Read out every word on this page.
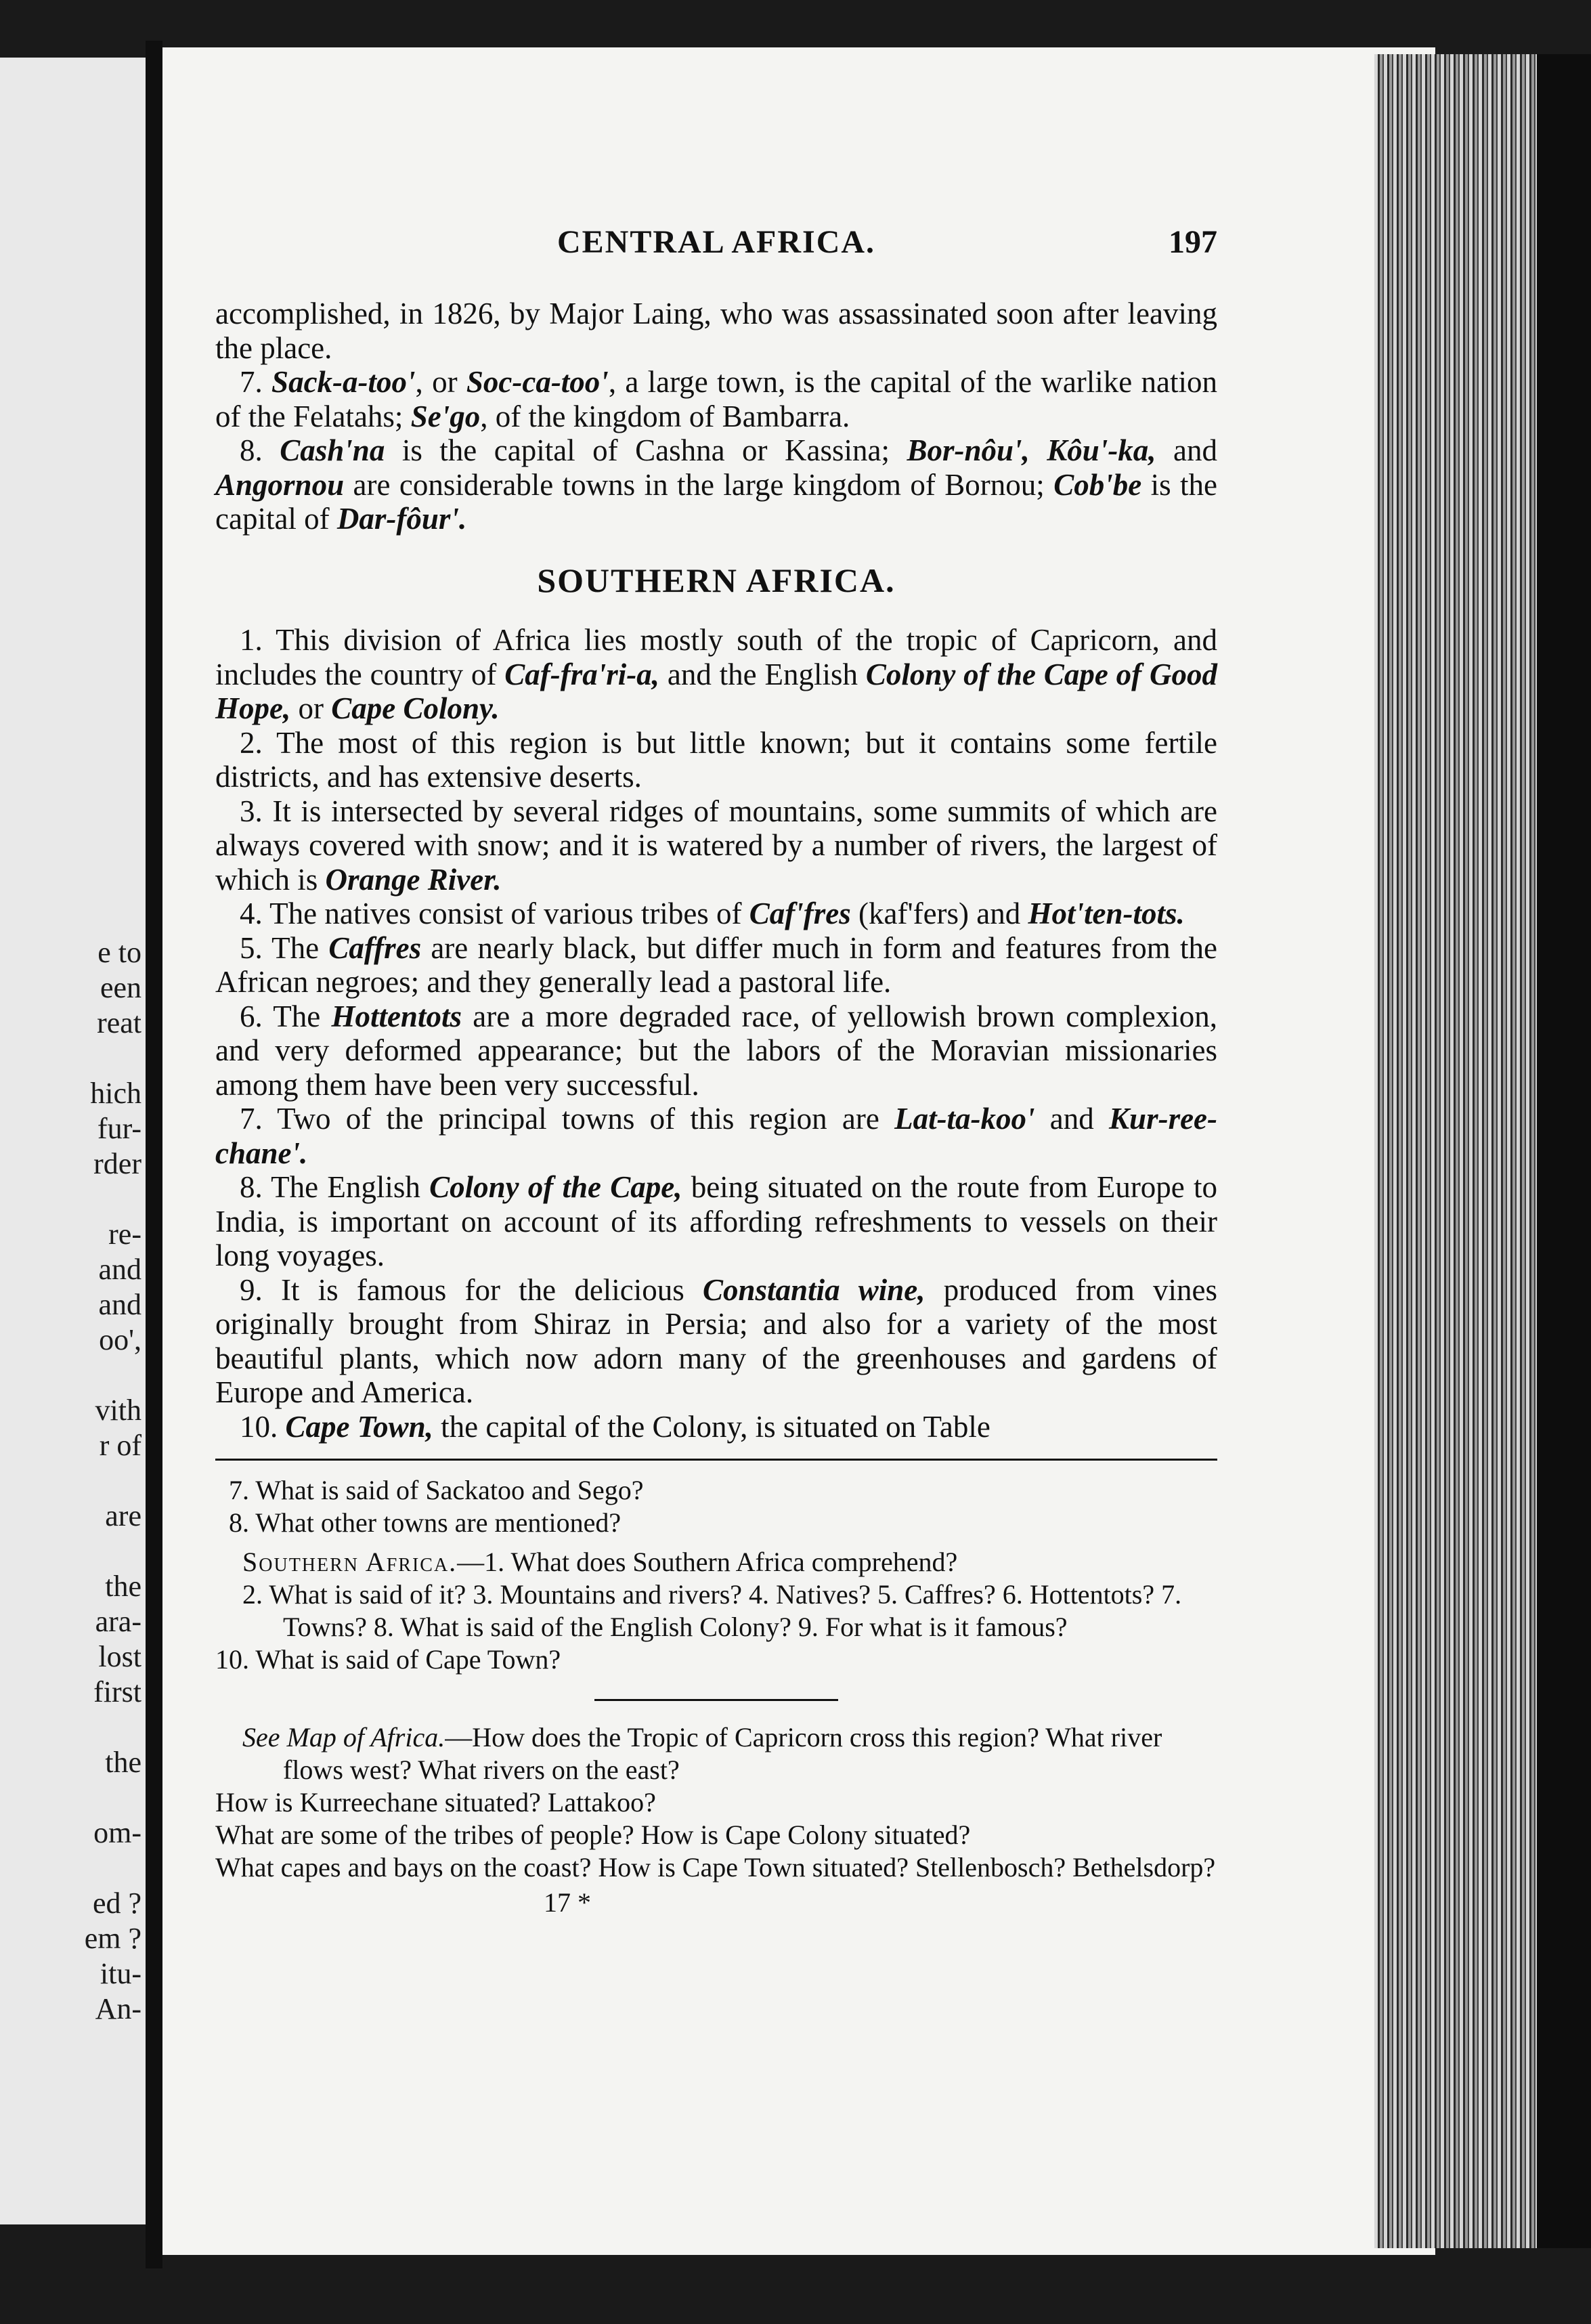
e to
een
reat
hich
fur-
rder
re-
and
and
oo',
vith
r of
are
the
ara-
lost
first
the
om-
ed ?
em ?
itu-
An-
CENTRAL AFRICA.	197

accomplished, in 1826, by Major Laing, who was assassinated soon after leaving the place.

7. Sack-a-too', or Soc-ca-too', a large town, is the capital of the warlike nation of the Felatahs; Se'go, of the kingdom of Bambarra.

8. Cash'na is the capital of Cashna or Kassina; Bor-nôu', Kôu'-ka, and Angornou are considerable towns in the large kingdom of Bornou; Cob'be is the capital of Dar-fôur'.

SOUTHERN AFRICA.

1. This division of Africa lies mostly south of the tropic of Capricorn, and includes the country of Caf-fra'ri-a, and the English Colony of the Cape of Good Hope, or Cape Colony.

2. The most of this region is but little known; but it contains some fertile districts, and has extensive deserts.

3. It is intersected by several ridges of mountains, some summits of which are always covered with snow; and it is watered by a number of rivers, the largest of which is Orange River.

4. The natives consist of various tribes of Caf'fres (kaf'fers) and Hot'ten-tots.

5. The Caffres are nearly black, but differ much in form and features from the African negroes; and they generally lead a pastoral life.

6. The Hottentots are a more degraded race, of yellowish brown complexion, and very deformed appearance; but the labors of the Moravian missionaries among them have been very successful.

7. Two of the principal towns of this region are Lat-ta-koo' and Kur-ree-chane'.

8. The English Colony of the Cape, being situated on the route from Europe to India, is important on account of its affording refreshments to vessels on their long voyages.

9. It is famous for the delicious Constantia wine, produced from vines originally brought from Shiraz in Persia; and also for a variety of the most beautiful plants, which now adorn many of the greenhouses and gardens of Europe and America.

10. Cape Town, the capital of the Colony, is situated on Table

7. What is said of Sackatoo and Sego?

8. What other towns are mentioned?

Southern Africa.—1. What does Southern Africa comprehend?

2. What is said of it? 3. Mountains and rivers? 4. Natives? 5. Caffres? 6. Hottentots? 7. Towns? 8. What is said of the English Colony? 9. For what is it famous?

10. What is said of Cape Town?

See Map of Africa.—How does the Tropic of Capricorn cross this region? What river flows west? What rivers on the east?

How is Kurreechane situated? Lattakoo?

What are some of the tribes of people? How is Cape Colony situated?

What capes and bays on the coast? How is Cape Town situated? Stellenbosch? Bethelsdorp?

17 *
